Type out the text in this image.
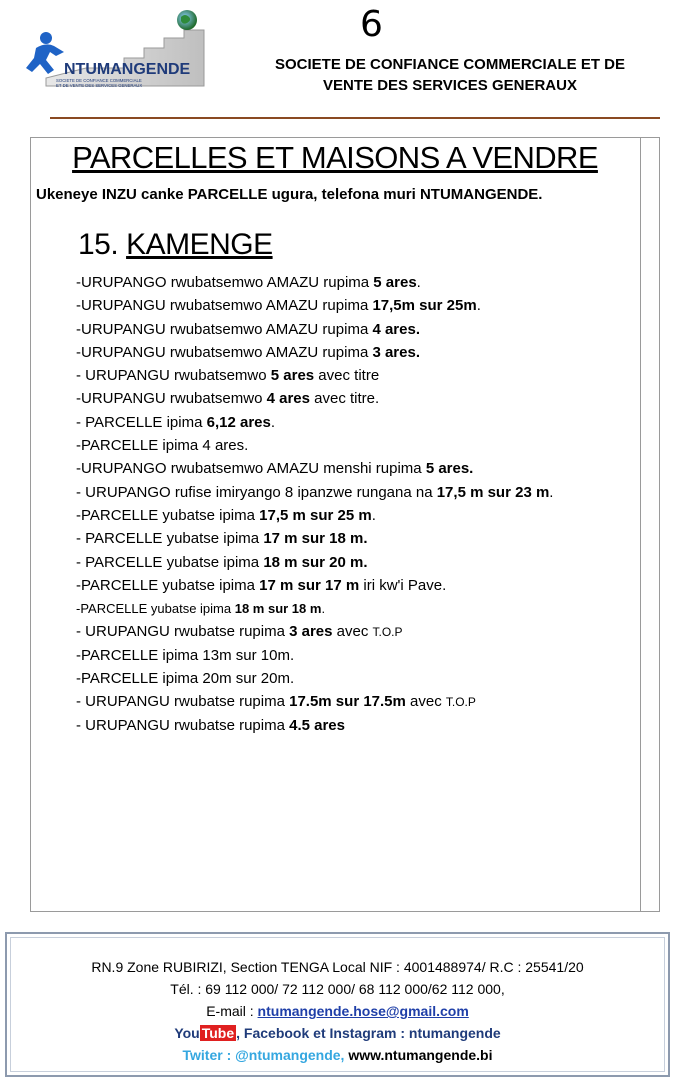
NTUMANGENDE
SOCIETE DE CONFIANCE COMMERCIALE
ET DE VENTE DES SERVICES GENERAUX
6
SOCIETE DE CONFIANCE COMMERCIALE ET DE
VENTE DES SERVICES GENERAUX
PARCELLES ET MAISONS A VENDRE
Ukeneye INZU canke PARCELLE ugura, telefona muri NTUMANGENDE.
15. KAMENGE
-URUPANGO rwubatsemwo AMAZU rupima 5 ares.
-URUPANGU rwubatsemwo AMAZU rupima 17,5m sur 25m.
-URUPANGU rwubatsemwo AMAZU rupima 4 ares.
-URUPANGU rwubatsemwo AMAZU rupima 3 ares.
- URUPANGU rwubatsemwo 5 ares avec titre
-URUPANGU rwubatsemwo 4 ares avec titre.
- PARCELLE ipima 6,12 ares.
-PARCELLE ipima 4 ares.
-URUPANGO rwubatsemwo AMAZU menshi rupima 5 ares.
- URUPANGO rufise imiryango 8 ipanzwe rungana na 17,5 m sur 23 m.
-PARCELLE yubatse ipima 17,5 m sur 25 m.
- PARCELLE yubatse ipima 17 m sur 18 m.
- PARCELLE yubatse ipima 18 m sur 20 m.
-PARCELLE yubatse ipima 17 m sur 17 m iri kw'i Pave.
-PARCELLE yubatse ipima 18 m sur 18 m.
- URUPANGU rwubatse rupima 3 ares avec T.O.P
-PARCELLE ipima 13m sur 10m.
-PARCELLE ipima 20m sur 20m.
- URUPANGU rwubatse rupima 17.5m sur 17.5m avec T.O.P
- URUPANGU rwubatse rupima 4.5 ares
RN.9 Zone RUBIRIZI, Section TENGA Local NIF : 4001488974/ R.C : 25541/20
Tél. : 69 112 000/ 72 112 000/ 68 112 000/62 112 000,
E-mail : ntumangende.hose@gmail.com
You Tube , Facebook et Instagram : ntumangende
Twiter : @ntumangende, www.ntumangende.bi
